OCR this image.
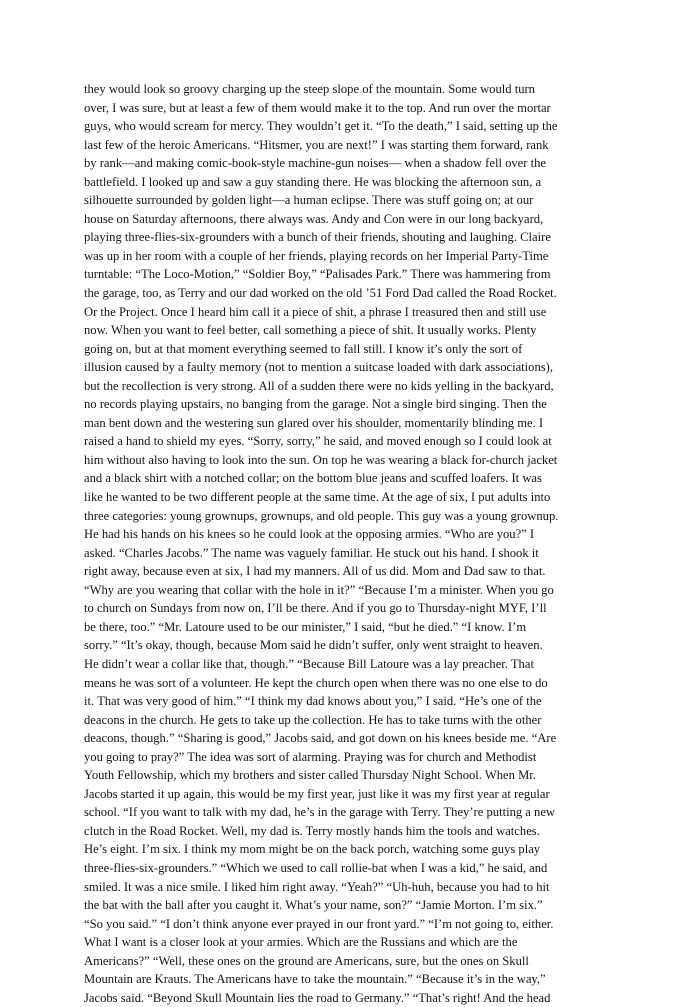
they would look so groovy charging up the steep slope of the mountain. Some would turn
over, I was sure, but at least a few of them would make it to the top. And run over the mortar
guys, who would scream for mercy. They wouldn’t get it. “To the death,” I said, setting up the
last few of the heroic Americans. “Hitsmer, you are next!” I was starting them forward, rank
by rank—and making comic-book-style machine-gun noises— when a shadow fell over the
battlefield. I looked up and saw a guy standing there. He was blocking the afternoon sun, a
silhouette surrounded by golden light—a human eclipse. There was stuff going on; at our
house on Saturday afternoons, there always was. Andy and Con were in our long backyard,
playing three-flies-six-grounders with a bunch of their friends, shouting and laughing. Claire
was up in her room with a couple of her friends, playing records on her Imperial Party-Time
turntable: “The Loco-Motion,” “Soldier Boy,” “Palisades Park.” There was hammering from
the garage, too, as Terry and our dad worked on the old ’51 Ford Dad called the Road Rocket.
Or the Project. Once I heard him call it a piece of shit, a phrase I treasured then and still use
now. When you want to feel better, call something a piece of shit. It usually works. Plenty
going on, but at that moment everything seemed to fall still. I know it’s only the sort of
illusion caused by a faulty memory (not to mention a suitcase loaded with dark associations),
but the recollection is very strong. All of a sudden there were no kids yelling in the backyard,
no records playing upstairs, no banging from the garage. Not a single bird singing. Then the
man bent down and the westering sun glared over his shoulder, momentarily blinding me. I
raised a hand to shield my eyes. “Sorry, sorry,” he said, and moved enough so I could look at
him without also having to look into the sun. On top he was wearing a black for-church jacket
and a black shirt with a notched collar; on the bottom blue jeans and scuffed loafers. It was
like he wanted to be two different people at the same time. At the age of six, I put adults into
three categories: young grownups, grownups, and old people. This guy was a young grownup.
He had his hands on his knees so he could look at the opposing armies. “Who are you?” I
asked. “Charles Jacobs.” The name was vaguely familiar. He stuck out his hand. I shook it
right away, because even at six, I had my manners. All of us did. Mom and Dad saw to that.
“Why are you wearing that collar with the hole in it?” “Because I’m a minister. When you go
to church on Sundays from now on, I’ll be there. And if you go to Thursday-night MYF, I’ll
be there, too.” “Mr. Latoure used to be our minister,” I said, “but he died.” “I know. I’m
sorry.” “It’s okay, though, because Mom said he didn’t suffer, only went straight to heaven.
He didn’t wear a collar like that, though.” “Because Bill Latoure was a lay preacher. That
means he was sort of a volunteer. He kept the church open when there was no one else to do
it. That was very good of him.” “I think my dad knows about you,” I said. “He’s one of the
deacons in the church. He gets to take up the collection. He has to take turns with the other
deacons, though.” “Sharing is good,” Jacobs said, and got down on his knees beside me. “Are
you going to pray?” The idea was sort of alarming. Praying was for church and Methodist
Youth Fellowship, which my brothers and sister called Thursday Night School. When Mr.
Jacobs started it up again, this would be my first year, just like it was my first year at regular
school. “If you want to talk with my dad, he’s in the garage with Terry. They’re putting a new
clutch in the Road Rocket. Well, my dad is. Terry mostly hands him the tools and watches.
He’s eight. I’m six. I think my mom might be on the back porch, watching some guys play
three-flies-six-grounders.” “Which we used to call rollie-bat when I was a kid,” he said, and
smiled. It was a nice smile. I liked him right away. “Yeah?” “Uh-huh, because you had to hit
the bat with the ball after you caught it. What’s your name, son?” “Jamie Morton. I’m six.”
“So you said.” “I don’t think anyone ever prayed in our front yard.” “I’m not going to, either.
What I want is a closer look at your armies. Which are the Russians and which are the
Americans?” “Well, these ones on the ground are Americans, sure, but the ones on Skull
Mountain are Krauts. The Americans have to take the mountain.” “Because it’s in the way,”
Jacobs said. “Beyond Skull Mountain lies the road to Germany.” “That’s right! And the head
